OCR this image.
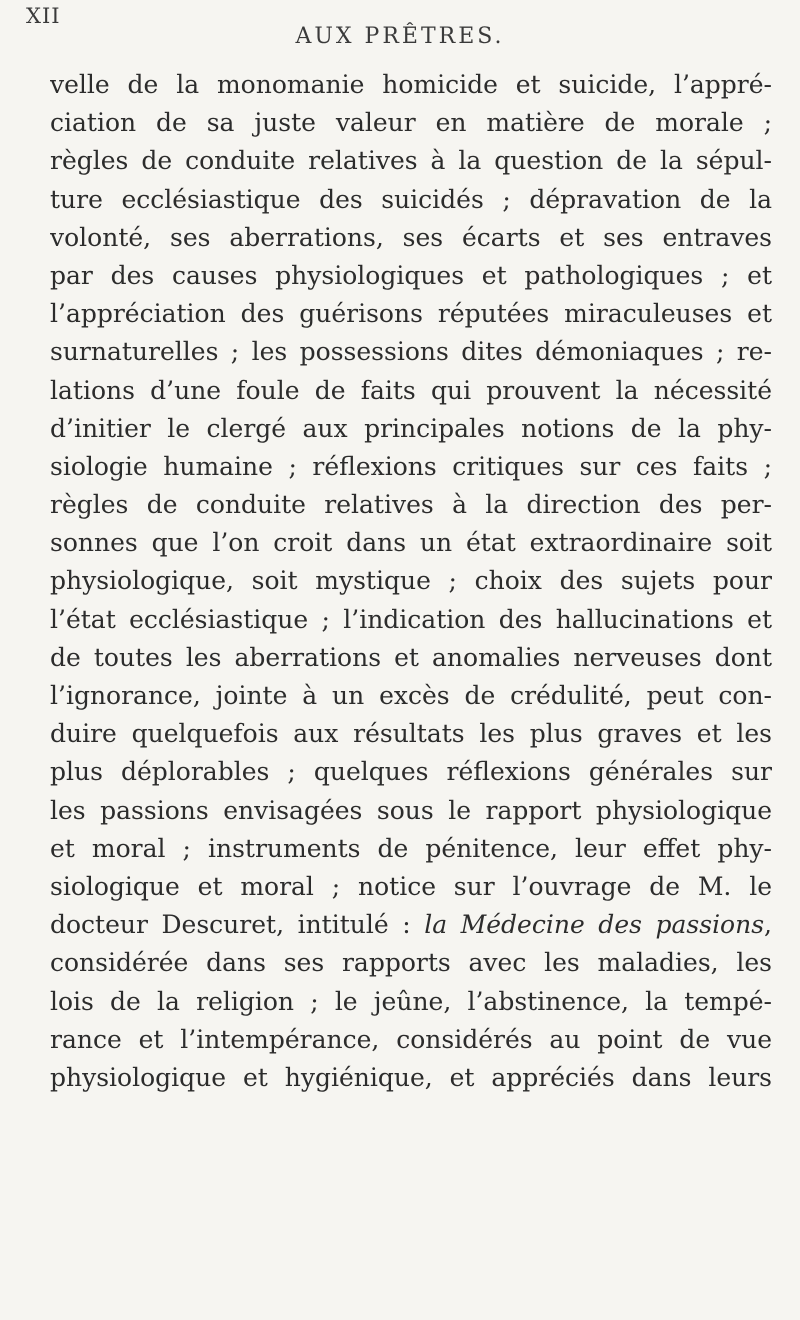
XII
AUX PRÊTRES.
velle de la monomanie homicide et suicide, l’appré-
ciation de sa juste valeur en matière de morale ;
règles de conduite relatives à la question de la sépul-
ture ecclésiastique des suicidés ; dépravation de la
volonté, ses aberrations, ses écarts et ses entraves
par des causes physiologiques et pathologiques ; et
l’appréciation des guérisons réputées miraculeuses et
surnaturelles ; les possessions dites démoniaques ; re-
lations d’une foule de faits qui prouvent la nécessité
d’initier le clergé aux principales notions de la phy-
siologie humaine ; réflexions critiques sur ces faits ;
règles de conduite relatives à la direction des per-
sonnes que l’on croit dans un état extraordinaire soit
physiologique, soit mystique ; choix des sujets pour
l’état ecclésiastique ; l’indication des hallucinations et
de toutes les aberrations et anomalies nerveuses dont
l’ignorance, jointe à un excès de crédulité, peut con-
duire quelquefois aux résultats les plus graves et les
plus déplorables ; quelques réflexions générales sur
les passions envisagées sous le rapport physiologique
et moral ; instruments de pénitence, leur effet phy-
siologique et moral ; notice sur l’ouvrage de M. le
docteur Descuret, intitulé : la Médecine des passions,
considérée dans ses rapports avec les maladies, les
lois de la religion ; le jeûne, l’abstinence, la tempé-
rance et l’intempérance, considérés au point de vue
physiologique et hygiénique, et appréciés dans leurs
